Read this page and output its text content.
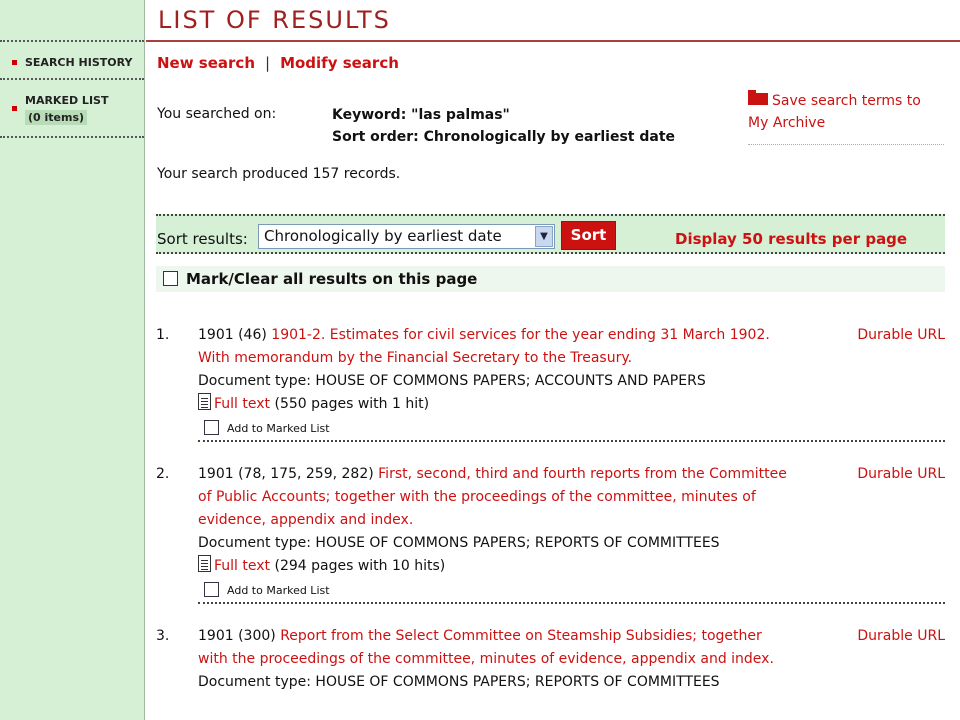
SEARCH HISTORY
MARKED LIST
(0 items)
LIST OF RESULTS
New search | Modify search
You searched on:	Keyword: "las palmas"
Sort order: Chronologically by earliest date
Save search terms to My Archive
Your search produced 157 records.
Sort results:	Chronologically by earliest date	▼	Sort	Display 50 results per page
Mark/Clear all results on this page
1. 1901 (46) 1901-2. Estimates for civil services for the year ending 31 March 1902. With memorandum by the Financial Secretary to the Treasury.
Document type: HOUSE OF COMMONS PAPERS; ACCOUNTS AND PAPERS
Full text (550 pages with 1 hit)
Add to Marked List
Durable URL
2. 1901 (78, 175, 259, 282) First, second, third and fourth reports from the Committee of Public Accounts; together with the proceedings of the committee, minutes of evidence, appendix and index.
Document type: HOUSE OF COMMONS PAPERS; REPORTS OF COMMITTEES
Full text (294 pages with 10 hits)
Add to Marked List
Durable URL
3. 1901 (300) Report from the Select Committee on Steamship Subsidies; together with the proceedings of the committee, minutes of evidence, appendix and index.
Document type: HOUSE OF COMMONS PAPERS; REPORTS OF COMMITTEES
Durable URL
